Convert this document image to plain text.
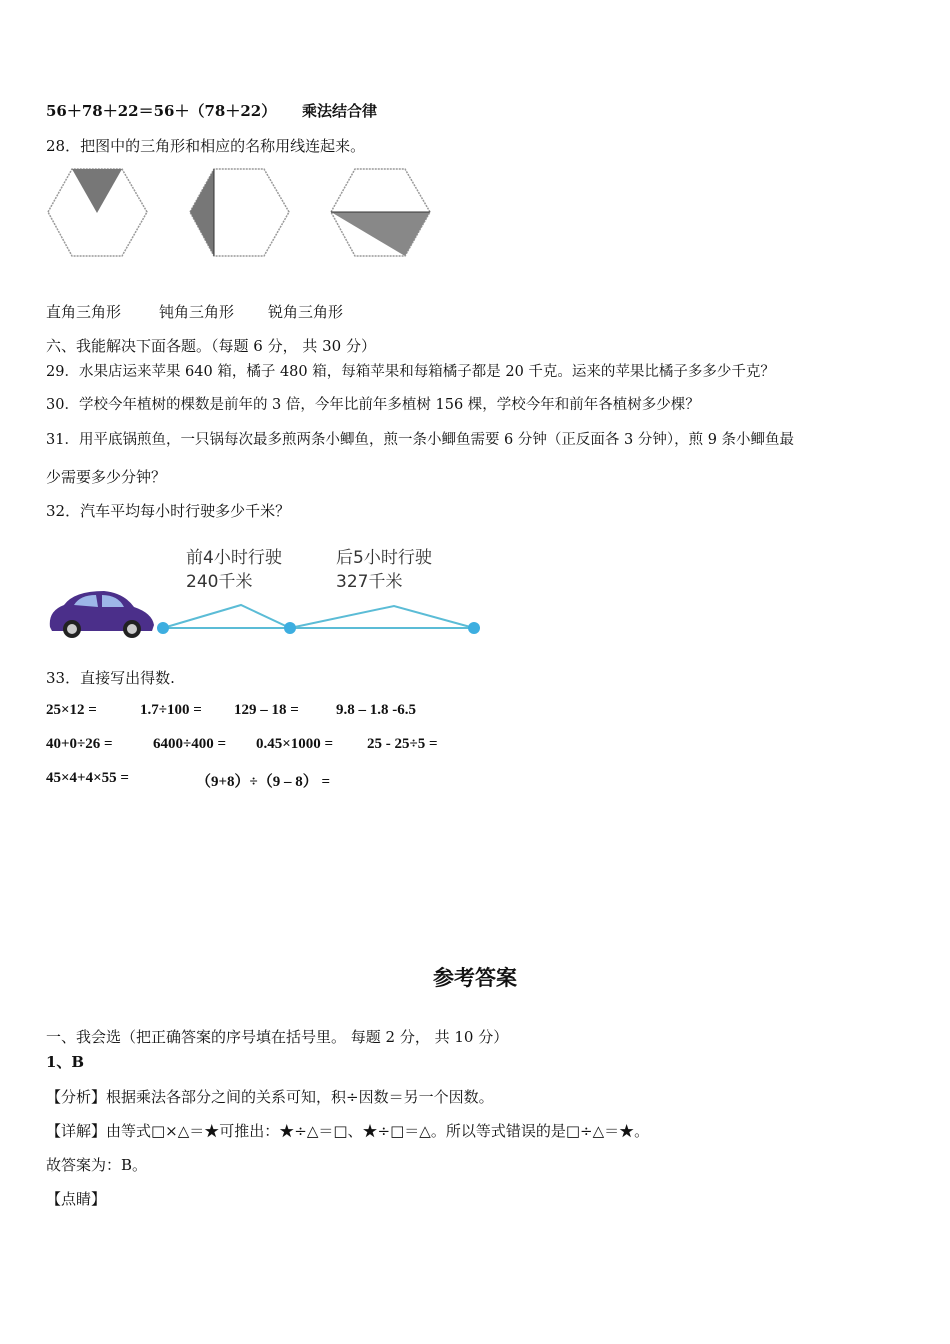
56＋78＋22＝56＋（78＋22） 乘法结合律
28．把图中的三角形和相应的名称用线连起来。
直角三角形	钝角三角形 锐角三角形
六、我能解决下面各题。（每题 6 分， 共 30 分）
29．水果店运来苹果 640 箱，橘子 480 箱，每箱苹果和每箱橘子都是 20 千克。运来的苹果比橘子多多少千克？
30．学校今年植树的棵数是前年的 3 倍，今年比前年多植树 156 棵，学校今年和前年各植树多少棵？
31．用平底锅煎鱼，一只锅每次最多煎两条小鲫鱼，煎一条小鲫鱼需要 6 分钟（正反面各 3 分钟），煎 9 条小鲫鱼最
少需要多少分钟？
32．汽车平均每小时行驶多少千米？
前4小时行驶
240千米
后5小时行驶
327千米
33．直接写出得数.
25×12 =	1.7÷100 = 129 – 18 = 9.8 – 1.8 -6.5
40+0÷26 =	6400÷400 = 0.45×1000 = 25 - 25÷5 =
45×4+4×55 =	（9+8）÷（9 – 8） =
参考答案
一、我会选（把正确答案的序号填在括号里。 每题 2 分， 共 10 分）
1、B
【分析】根据乘法各部分之间的关系可知，积÷因数＝另一个因数。
【详解】由等式□×△＝★可推出：★÷△＝□、★÷□＝△。所以等式错误的是□÷△＝★。
故答案为：B。
【点睛】
